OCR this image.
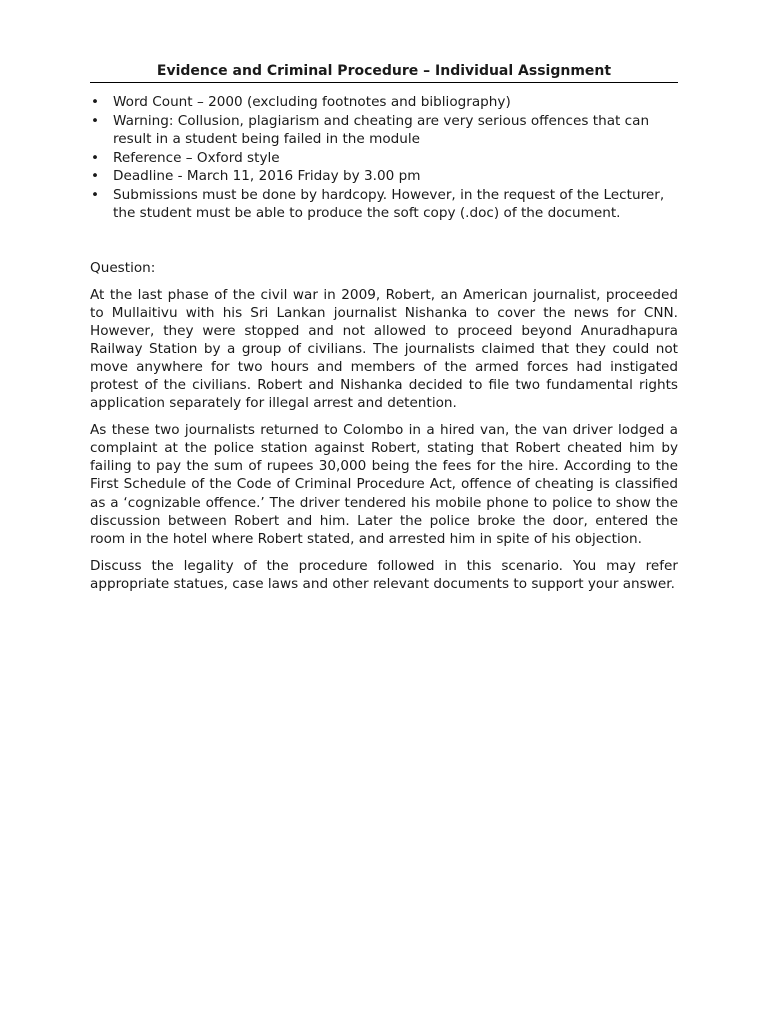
Evidence and Criminal Procedure – Individual Assignment
• Word Count – 2000 (excluding footnotes and bibliography)
• Warning: Collusion, plagiarism and cheating are very serious offences that can result in a student being failed in the module
• Reference – Oxford style
• Deadline - March 11, 2016 Friday by 3.00 pm
• Submissions must be done by hardcopy. However, in the request of the Lecturer, the student must be able to produce the soft copy (.doc) of the document.

Question:

At the last phase of the civil war in 2009, Robert, an American journalist, proceeded to Mullaitivu with his Sri Lankan journalist Nishanka to cover the news for CNN. However, they were stopped and not allowed to proceed beyond Anuradhapura Railway Station by a group of civilians. The journalists claimed that they could not move anywhere for two hours and members of the armed forces had instigated protest of the civilians. Robert and Nishanka decided to file two fundamental rights application separately for illegal arrest and detention.

As these two journalists returned to Colombo in a hired van, the van driver lodged a complaint at the police station against Robert, stating that Robert cheated him by failing to pay the sum of rupees 30,000 being the fees for the hire. According to the First Schedule of the Code of Criminal Procedure Act, offence of cheating is classified as a ‘cognizable offence.’ The driver tendered his mobile phone to police to show the discussion between Robert and him. Later the police broke the door, entered the room in the hotel where Robert stated, and arrested him in spite of his objection.

Discuss the legality of the procedure followed in this scenario. You may refer appropriate statues, case laws and other relevant documents to support your answer.
